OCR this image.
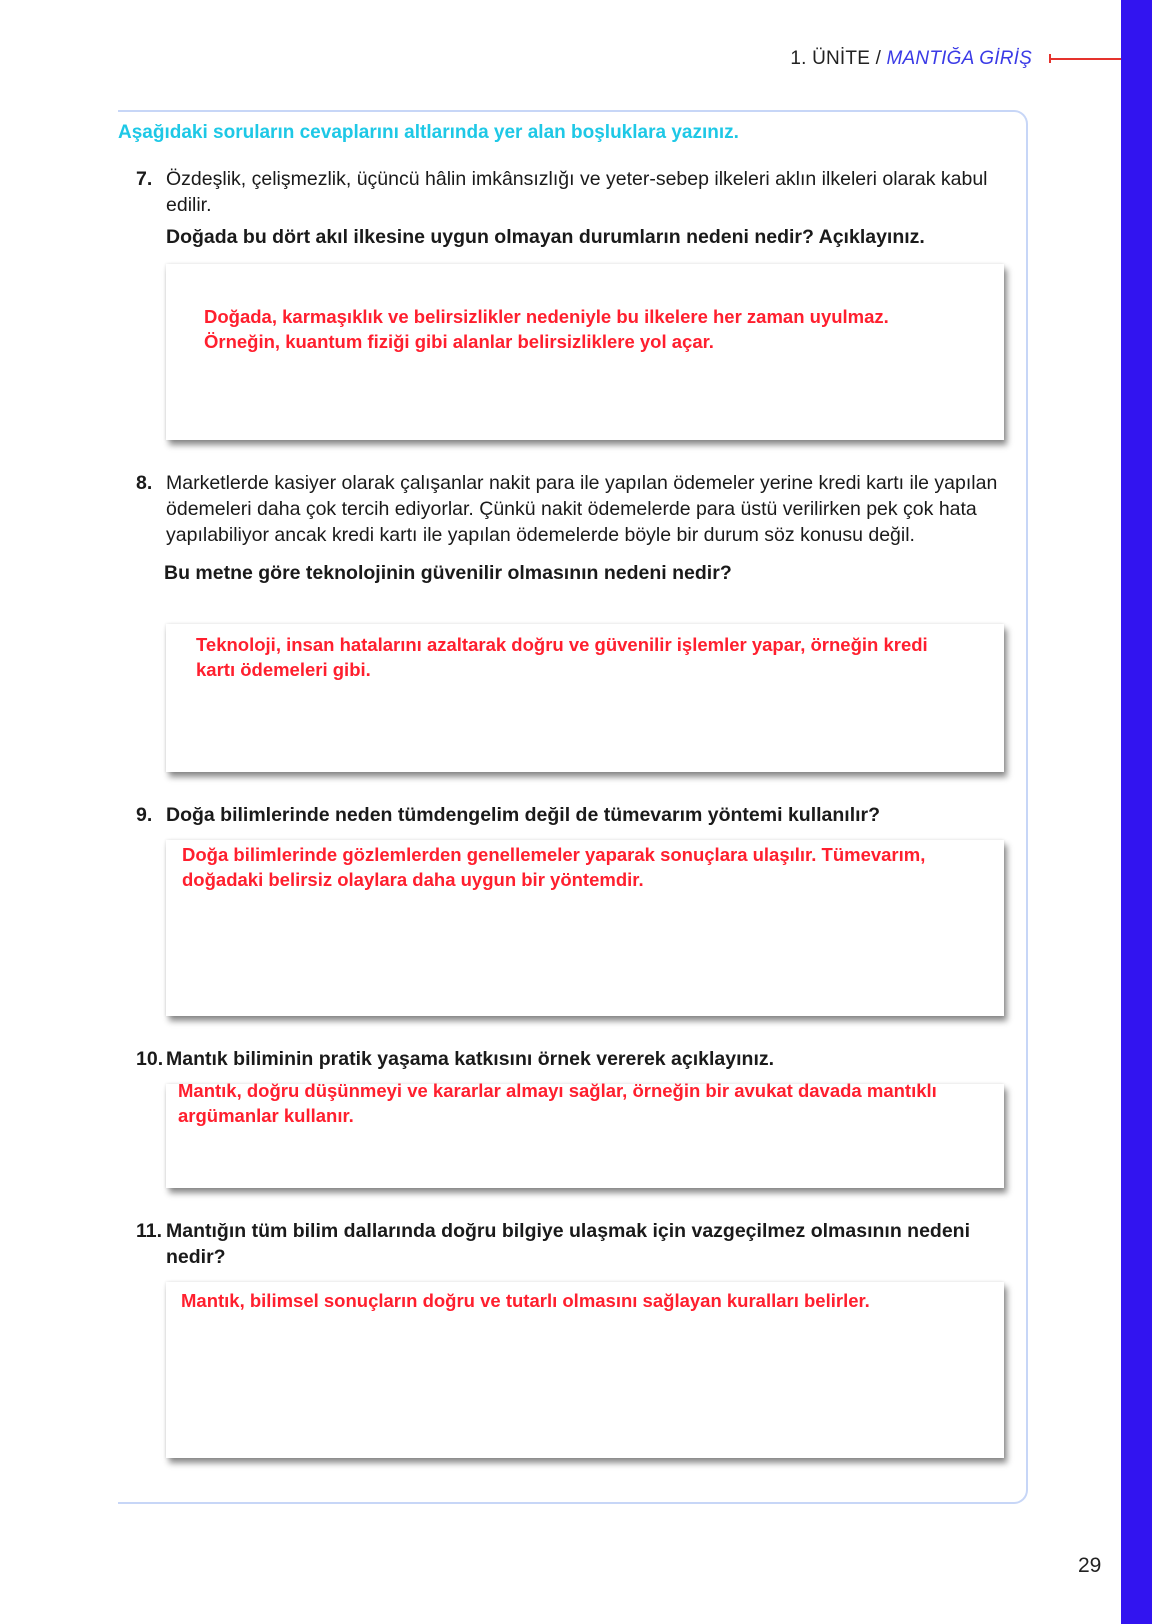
1. ÜNİTE / MANTIĞA GİRİŞ
Aşağıdaki soruların cevaplarını altlarında yer alan boşluklara yazınız.
7. Özdeşlik, çelişmezlik, üçüncü hâlin imkânsızlığı ve yeter-sebep ilkeleri aklın ilkeleri olarak kabul edilir.
Doğada bu dört akıl ilkesine uygun olmayan durumların nedeni nedir? Açıklayınız.
Doğada, karmaşıklık ve belirsizlikler nedeniyle bu ilkelere her zaman uyulmaz. Örneğin, kuantum fiziği gibi alanlar belirsizliklere yol açar.
8. Marketlerde kasiyer olarak çalışanlar nakit para ile yapılan ödemeler yerine kredi kartı ile yapılan ödemeleri daha çok tercih ediyorlar. Çünkü nakit ödemelerde para üstü verilirken pek çok hata yapılabiliyor ancak kredi kartı ile yapılan ödemelerde böyle bir durum söz konusu değil.
Bu metne göre teknolojinin güvenilir olmasının nedeni nedir?
Teknoloji, insan hatalarını azaltarak doğru ve güvenilir işlemler yapar, örneğin kredi kartı ödemeleri gibi.
9. Doğa bilimlerinde neden tümdengelim değil de tümevarım yöntemi kullanılır?
Doğa bilimlerinde gözlemlerden genellemeler yaparak sonuçlara ulaşılır. Tümevarım, doğadaki belirsiz olaylara daha uygun bir yöntemdir.
10. Mantık biliminin pratik yaşama katkısını örnek vererek açıklayınız.
Mantık, doğru düşünmeyi ve kararlar almayı sağlar, örneğin bir avukat davada mantıklı argümanlar kullanır.
11. Mantığın tüm bilim dallarında doğru bilgiye ulaşmak için vazgeçilmez olmasının nedeni nedir?
Mantık, bilimsel sonuçların doğru ve tutarlı olmasını sağlayan kuralları belirler.
29
